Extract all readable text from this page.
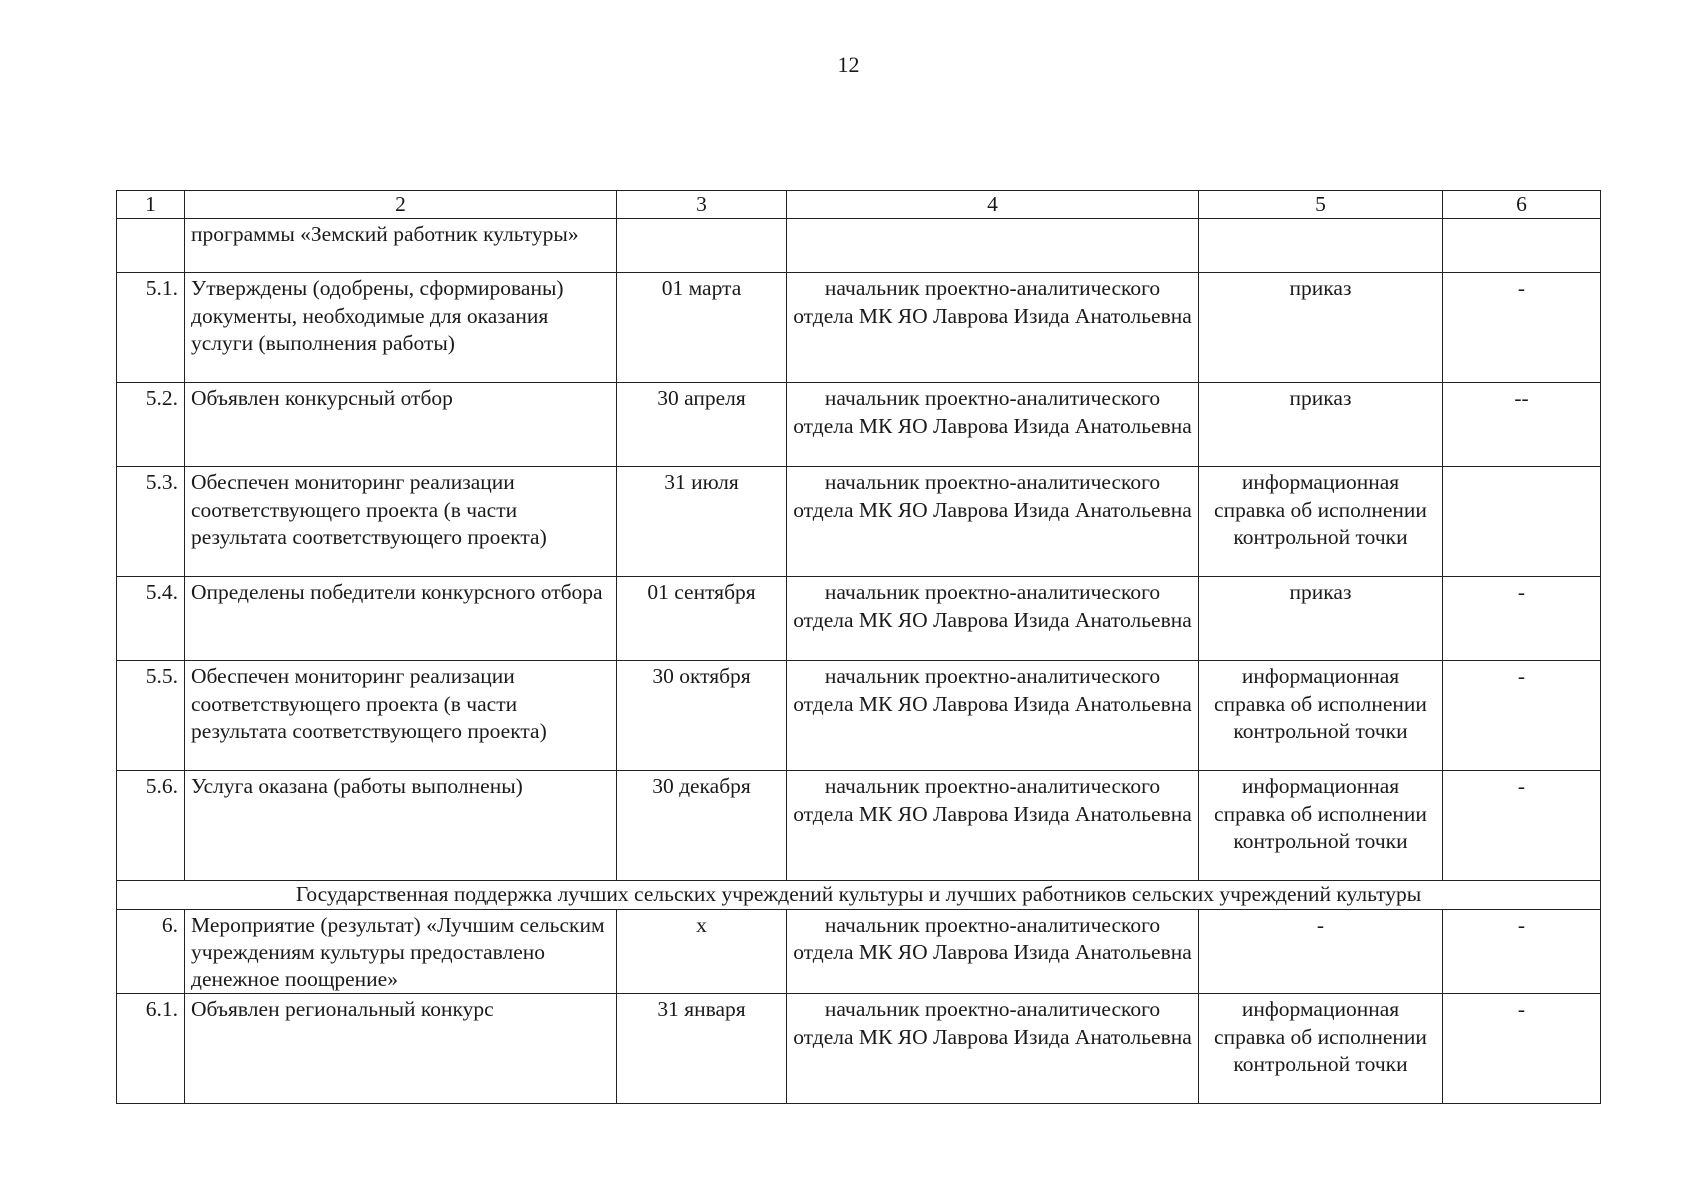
12
1	2	3	4	5	6
	программы «Земский работник культуры»				
5.1.	Утверждены (одобрены, сформированы) документы, необходимые для оказания услуги (выполнения работы)	01 марта	начальник проектно-аналитического отдела МК ЯО Лаврова Изида Анатольевна	приказ	-
5.2.	Объявлен конкурсный отбор	30 апреля	начальник проектно-аналитического отдела МК ЯО Лаврова Изида Анатольевна	приказ	--
5.3.	Обеспечен мониторинг реализации соответствующего проекта (в части результата соответствующего проекта)	31 июля	начальник проектно-аналитического отдела МК ЯО Лаврова Изида Анатольевна	информационная справка об исполнении контрольной точки	
5.4.	Определены победители конкурсного отбора	01 сентября	начальник проектно-аналитического отдела МК ЯО Лаврова Изида Анатольевна	приказ	-
5.5.	Обеспечен мониторинг реализации соответствующего проекта (в части результата соответствующего проекта)	30 октября	начальник проектно-аналитического отдела МК ЯО Лаврова Изида Анатольевна	информационная справка об исполнении контрольной точки	-
5.6.	Услуга оказана (работы выполнены)	30 декабря	начальник проектно-аналитического отдела МК ЯО Лаврова Изида Анатольевна	информационная справка об исполнении контрольной точки	-
Государственная поддержка лучших сельских учреждений культуры и лучших работников сельских учреждений культуры					
6.	Мероприятие (результат) «Лучшим сельским учреждениям культуры предоставлено денежное поощрение»	х	начальник проектно-аналитического отдела МК ЯО Лаврова Изида Анатольевна	-	-
6.1.	Объявлен региональный конкурс	31 января	начальник проектно-аналитического отдела МК ЯО Лаврова Изида Анатольевна	информационная справка об исполнении контрольной точки	-
